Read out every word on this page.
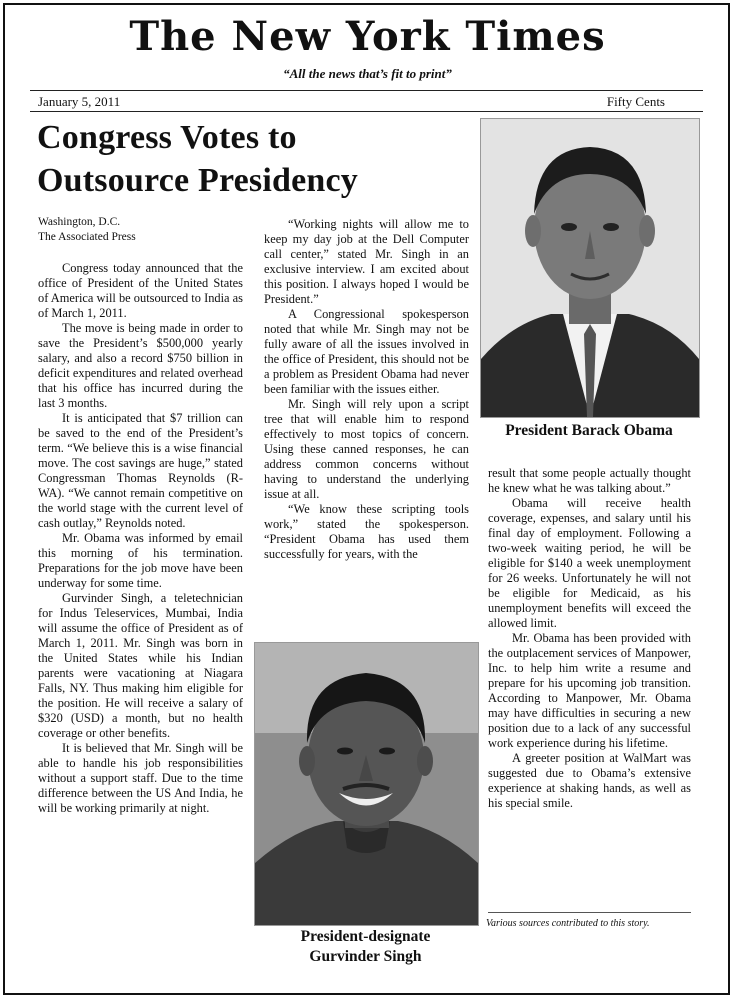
The New York Times
“All the news that’s fit to print”
January 5, 2011	Fifty Cents
Congress Votes to
Outsource Presidency
Washington, D.C.
The Associated Press

Congress today announced that the office of President of the United States of America will be outsourced to India as of March 1, 2011.

The move is being made in order to save the President’s $500,000 yearly salary, and also a record $750 billion in deficit expenditures and related overhead that his office has incurred during the last 3 months.

It is anticipated that $7 trillion can be saved to the end of the President’s term. “We believe this is a wise financial move. The cost savings are huge,” stated Congressman Thomas Reynolds (R-WA). “We cannot remain competitive on the world stage with the current level of cash outlay,” Reynolds noted.

Mr. Obama was informed by email this morning of his termination. Preparations for the job move have been underway for some time.

Gurvinder Singh, a teletechnician for Indus Teleservices, Mumbai, India will assume the office of President as of March 1, 2011. Mr. Singh was born in the United States while his Indian parents were vacationing at Niagara Falls, NY. Thus making him eligible for the position. He will receive a salary of $320 (USD) a month, but no health coverage or other benefits.

It is believed that Mr. Singh will be able to handle his job responsibilities without a support staff. Due to the time difference between the US And India, he will be working primarily at night.

“Working nights will allow me to keep my day job at the Dell Computer call center,” stated Mr. Singh in an exclusive interview. I am excited about this position. I always hoped I would be President.”

A Congressional spokesperson noted that while Mr. Singh may not be fully aware of all the issues involved in the office of President, this should not be a problem as President Obama had never been familiar with the issues either.

Mr. Singh will rely upon a script tree that will enable him to respond effectively to most topics of concern. Using these canned responses, he can address common concerns without having to understand the underlying issue at all.

“We know these scripting tools work,” stated the spokesperson. “President Obama has used them successfully for years, with the

President Barack Obama

result that some people actually thought he knew what he was talking about.”

Obama will receive health coverage, expenses, and salary until his final day of employment. Following a two-week waiting period, he will be eligible for $140 a week unemployment for 26 weeks. Unfortunately he will not be eligible for Medicaid, as his unemployment benefits will exceed the allowed limit.

Mr. Obama has been provided with the outplacement services of Manpower, Inc. to help him write a resume and prepare for his upcoming job transition. According to Manpower, Mr. Obama may have difficulties in securing a new position due to a lack of any successful work experience during his lifetime.

A greeter position at WalMart was suggested due to Obama’s extensive experience at shaking hands, as well as his special smile.

Various sources contributed to this story.
President-designate
Gurvinder Singh
